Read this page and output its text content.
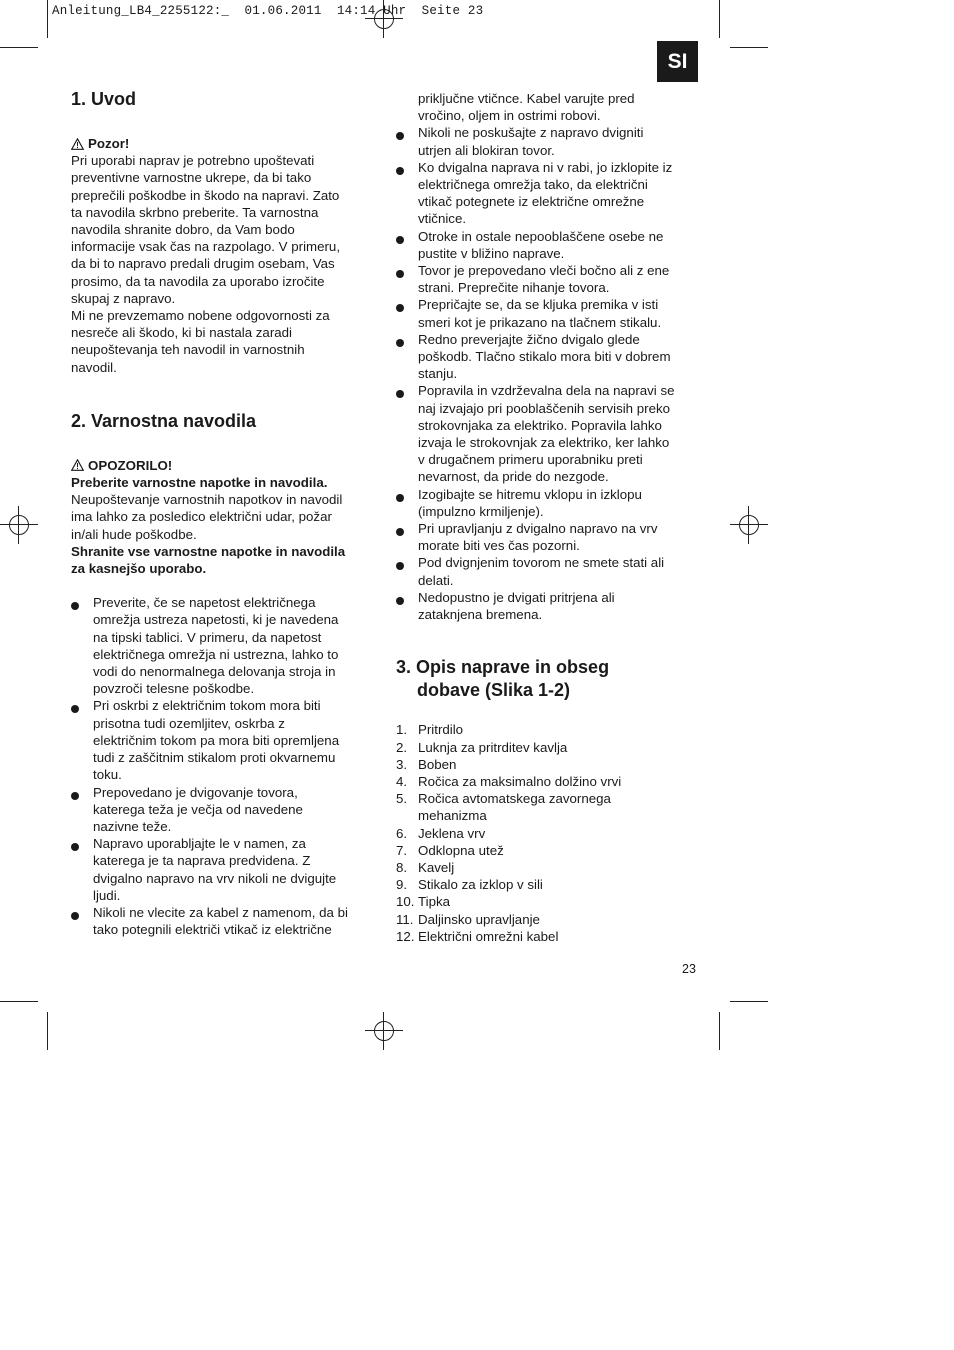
Anleitung_LB4_2255122:_  01.06.2011  14:14 Uhr  Seite 23
SI
1. Uvod
Pozor!
Pri uporabi naprav je potrebno upoštevati
preventivne varnostne ukrepe, da bi tako
preprečili poškodbe in škodo na napravi. Zato
ta navodila skrbno preberite. Ta varnostna
navodila shranite dobro, da Vam bodo
informacije vsak čas na razpolago. V primeru,
da bi to napravo predali drugim osebam, Vas
prosimo, da ta navodila za uporabo izročite
skupaj z napravo.
Mi ne prevzemamo nobene odgovornosti za
nesreče ali škodo, ki bi nastala zaradi
neupoštevanja teh navodil in varnostnih
navodil.
2. Varnostna navodila
OPOZORILO!

Preberite varnostne napotke in navodila.

Neupoštevanje varnostnih napotkov in navodil
ima lahko za posledico električni udar, požar
in/ali hude poškodbe.

Shranite vse varnostne napotke in navodila

za kasnejšo uporabo.

Preverite, če se napetost električnega
omrežja ustreza napetosti, ki je navedena
na tipski tablici. V primeru, da napetost
električnega omrežja ni ustrezna, lahko to
vodi do nenormalnega delovanja stroja in
povzroči telesne poškodbe.
Pri oskrbi z električnim tokom mora biti
prisotna tudi ozemljitev, oskrba z
električnim tokom pa mora biti opremljena
tudi z zaščitnim stikalom proti okvarnemu
toku.
Prepovedano je dvigovanje tovora,
katerega teža je večja od navedene
nazivne teže.
Napravo uporabljajte le v namen, za
katerega je ta naprava predvidena. Z
dvigalno napravo na vrv nikoli ne dvigujte
ljudi.
Nikoli ne vlecite za kabel z namenom, da bi
tako potegnili električi vtikač iz električne
priključne vtičnce. Kabel varujte pred
vročino, oljem in ostrimi robovi.
Nikoli ne poskušajte z napravo dvigniti
utrjen ali blokiran tovor.
Ko dvigalna naprava ni v rabi, jo izklopite iz
električnega omrežja tako, da električni
vtikač potegnete iz električne omrežne
vtičnice.
Otroke in ostale nepooblaščene osebe ne
pustite v bližino naprave.
Tovor je prepovedano vleči bočno ali z ene
strani. Preprečite nihanje tovora.
Prepričajte se, da se kljuka premika v isti
smeri kot je prikazano na tlačnem stikalu.
Redno preverjajte žično dvigalo glede
poškodb. Tlačno stikalo mora biti v dobrem
stanju.
Popravila in vzdrževalna dela na napravi se
naj izvajajo pri pooblaščenih servisih preko
strokovnjaka za elektriko. Popravila lahko
izvaja le strokovnjak za elektriko, ker lahko
v drugačnem primeru uporabniku preti
nevarnost, da pride do nezgode.
Izogibajte se hitremu vklopu in izklopu
(impulzno krmiljenje).
Pri upravljanju z dvigalno napravo na vrv
morate biti ves čas pozorni.
Pod dvignjenim tovorom ne smete stati ali
delati.
Nedopustno je dvigati pritrjena ali
zataknjena bremena.
3. Opis naprave in obseg
dobave (Slika 1-2)
1. Pritrdilo
2. Luknja za pritrditev kavlja
3. Boben
4. Ročica za maksimalno dolžino vrvi
5. Ročica avtomatskega zavornega
mehanizma
6. Jeklena vrv
7. Odklopna utež
8. Kavelj
9. Stikalo za izklop v sili
10. Tipka
11. Daljinsko upravljanje
12. Električni omrežni kabel
23
